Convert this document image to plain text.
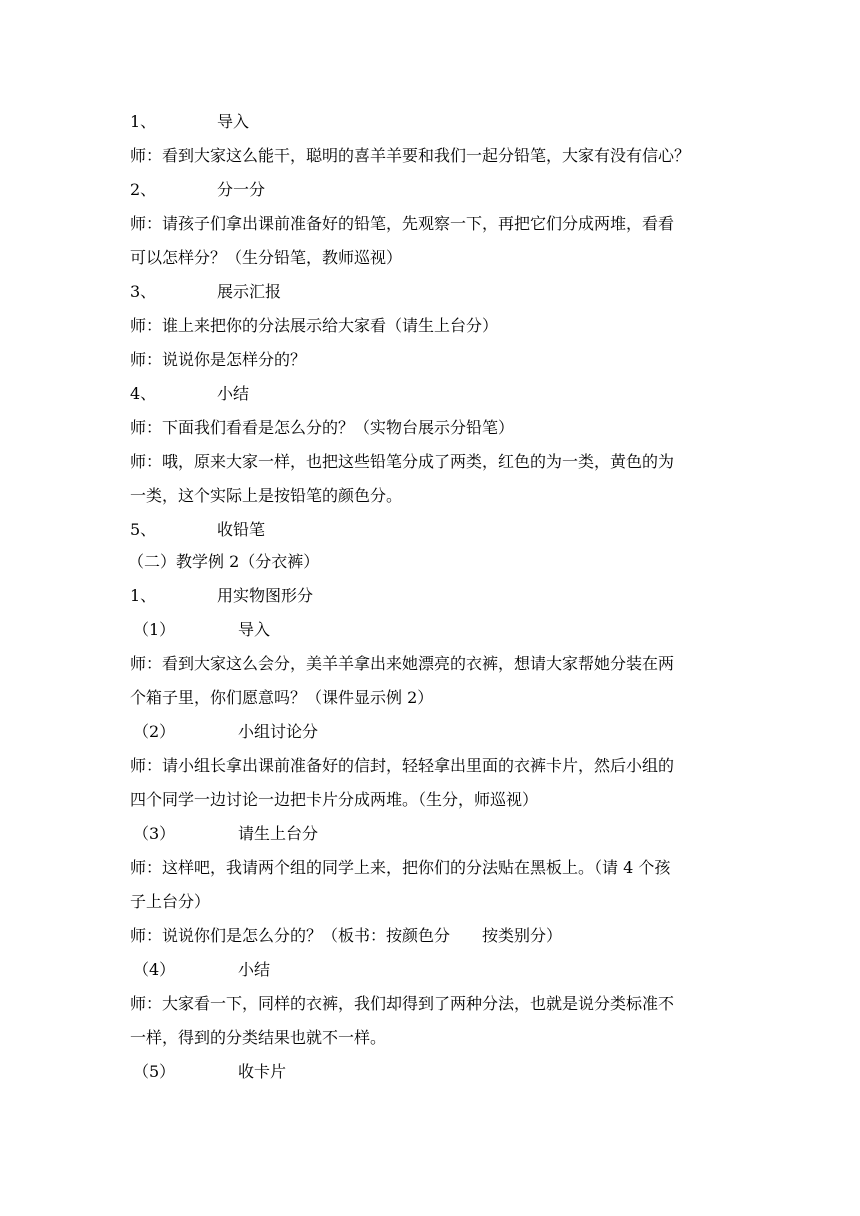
1、	导入
师：看到大家这么能干，聪明的喜羊羊要和我们一起分铅笔，大家有没有信心？
2、	分一分
师：请孩子们拿出课前准备好的铅笔，先观察一下，再把它们分成两堆，看看
可以怎样分？（生分铅笔，教师巡视）
3、	展示汇报
师：谁上来把你的分法展示给大家看（请生上台分）
师：说说你是怎样分的？
4、	小结
师：下面我们看看是怎么分的？（实物台展示分铅笔）
师：哦，原来大家一样，也把这些铅笔分成了两类，红色的为一类，黄色的为
一类，这个实际上是按铅笔的颜色分。
5、	收铅笔
（二）教学例 2（分衣裤）
1、	用实物图形分
（1）	导入
师：看到大家这么会分，美羊羊拿出来她漂亮的衣裤，想请大家帮她分装在两
个箱子里，你们愿意吗？（课件显示例 2）
（2）	小组讨论分
师：请小组长拿出课前准备好的信封，轻轻拿出里面的衣裤卡片，然后小组的
四个同学一边讨论一边把卡片分成两堆。（生分，师巡视）
（3）	请生上台分
师：这样吧，我请两个组的同学上来，把你们的分法贴在黑板上。（请 4 个孩
子上台分）
师：说说你们是怎么分的？（板书：按颜色分　　按类别分）
（4）	小结
师：大家看一下，同样的衣裤，我们却得到了两种分法，也就是说分类标准不
一样，得到的分类结果也就不一样。
（5）	收卡片
